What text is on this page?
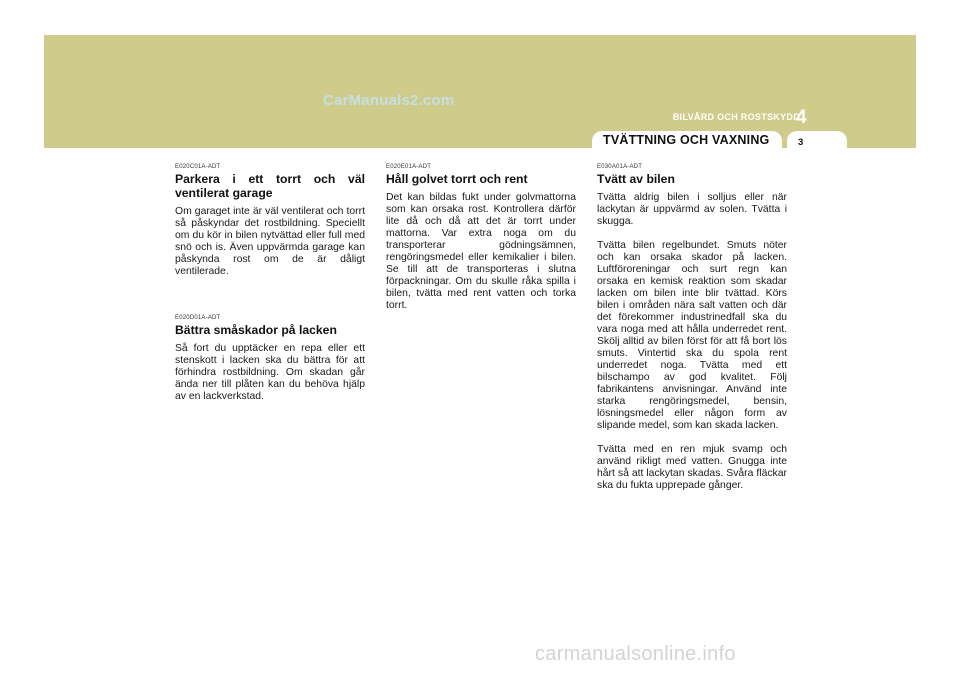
CarManuals2.com
BILVÅRD OCH ROSTSKYDD
4
TVÄTTNING OCH VAXNING	3
E020C01A-ADT
Parkera i ett torrt och väl ventilerat garage
Om garaget inte är väl ventilerat och torrt så påskyndar det rostbildning. Speciellt om du kör in bilen nytvättad eller full med snö och is. Även uppvärmda garage kan påskynda rost om de är dåligt ventilerade.
E020D01A-ADT
Bättra småskador på lacken
Så fort du upptäcker en repa eller ett stenskott i lacken ska du bättra för att förhindra rostbildning. Om skadan går ända ner till plåten kan du behöva hjälp av en lackverkstad.
E020E01A-ADT
Håll golvet torrt och rent
Det kan bildas fukt under golvmattorna som kan orsaka rost. Kontrollera därför lite då och då att det är torrt under mattorna. Var extra noga om du transporterar gödningsämnen, rengöringsmedel eller kemikalier i bilen. Se till att de transporteras i slutna förpackningar. Om du skulle råka spilla i bilen, tvätta med rent vatten och torka torrt.
E030A01A-ADT
Tvätt av bilen
Tvätta aldrig bilen i solljus eller när lackytan är uppvärmd av solen. Tvätta i skugga.
Tvätta bilen regelbundet. Smuts nöter och kan orsaka skador på lacken. Luftföroreningar och surt regn kan orsaka en kemisk reaktion som skadar lacken om bilen inte blir tvättad. Körs bilen i områden nära salt vatten och där det förekommer industrinedfall ska du vara noga med att hålla underredet rent. Skölj alltid av bilen först för att få bort lös smuts. Vintertid ska du spola rent underredet noga. Tvätta med ett bilschampo av god kvalitet. Följ fabrikantens anvisningar. Använd inte starka rengöringsmedel, bensin, lösningsmedel eller någon form av slipande medel, som kan skada lacken.
Tvätta med en ren mjuk svamp och använd rikligt med vatten. Gnugga inte hårt så att lackytan skadas. Svåra fläckar ska du fukta upprepade gånger.
carmanualsonline.info
